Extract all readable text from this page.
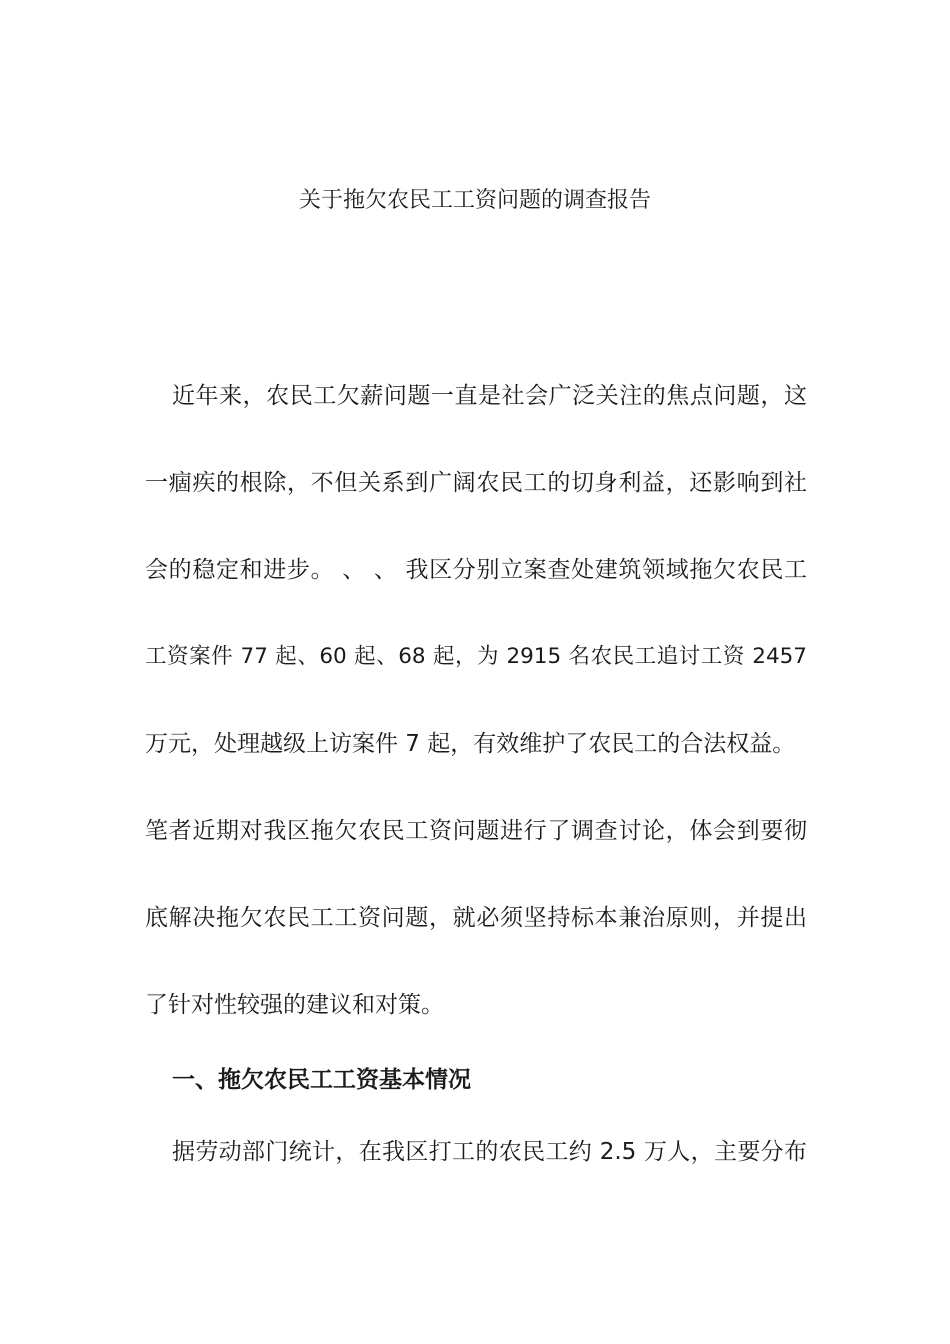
关于拖欠农民工工资问题的调查报告
近年来，农民工欠薪问题一直是社会广泛关注的焦点问题，这
一痼疾的根除，不但关系到广阔农民工的切身利益，还影响到社
会的稳定和进步。 、 、 我区分别立案查处建筑领域拖欠农民工
工资案件 77 起、60 起、68 起，为 2915 名农民工追讨工资 2457
万元，处理越级上访案件 7 起，有效维护了农民工的合法权益。
笔者近期对我区拖欠农民工资问题进行了调查讨论，体会到要彻
底解决拖欠农民工工资问题，就必须坚持标本兼治原则，并提出
了针对性较强的建议和对策。
一、拖欠农民工工资基本情况
据劳动部门统计，在我区打工的农民工约 2.5 万人，主要分布
